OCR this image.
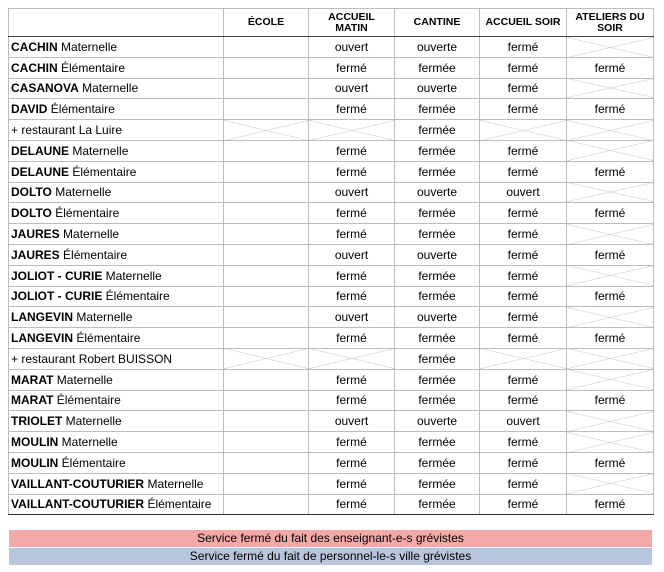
	ÉCOLE	ACCUEIL MATIN	CANTINE	ACCUEIL SOIR	ATELIERS DU SOIR
CACHIN Maternelle		ouvert	ouverte	fermé	
CACHIN Élémentaire		fermé	fermée	fermé	fermé
CASANOVA Maternelle		ouvert	ouverte	fermé	
DAVID Élémentaire		fermé	fermée	fermé	fermé
+ restaurant La Luire			fermée		
DELAUNE Maternelle		fermé	fermée	fermé	
DELAUNE Élémentaire		fermé	fermée	fermé	fermé
DOLTO Maternelle		ouvert	ouverte	ouvert	
DOLTO Élémentaire		fermé	fermée	fermé	fermé
JAURES Maternelle		fermé	fermée	fermé	
JAURES Élémentaire		ouvert	ouverte	fermé	fermé
JOLIOT - CURIE Maternelle		fermé	fermée	fermé	
JOLIOT - CURIE Élémentaire		fermé	fermée	fermé	fermé
LANGEVIN Maternelle		ouvert	ouverte	fermé	
LANGEVIN Élémentaire		fermé	fermée	fermé	fermé
+ restaurant Robert BUISSON			fermée		
MARAT Maternelle		fermé	fermée	fermé	
MARAT Élémentaire		fermé	fermée	fermé	fermé
TRIOLET Maternelle		ouvert	ouverte	ouvert	
MOULIN Maternelle		fermé	fermée	fermé	
MOULIN Élémentaire		fermé	fermée	fermé	fermé
VAILLANT-COUTURIER Maternelle		fermé	fermée	fermé	
VAILLANT-COUTURIER Élémentaire		fermé	fermée	fermé	fermé
Service fermé du fait des enseignant-e-s grévistes
Service fermé du fait de personnel-le-s ville grévistes
